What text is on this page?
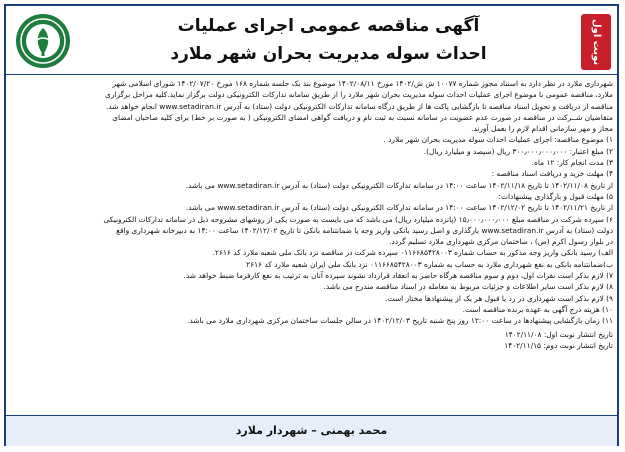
آگهی مناقصه عمومی اجرای عملیات
احداث سوله مدیریت بحران شهر ملارد	نوبت اول

شهرداری ملارد در نظر دارد به استناد مجوز شماره ۱۰۰۷۷ ش ش/۱۴۰۲ مورخ ۱۴۰۲/۰۸/۱۱ موضوع بند یک جلسه شماره ۱۶۸ مورخ ۱۴۰۲/۰۷/۲۰ شورای اسلامی شهر

ملارد، مناقصه عمومی با موضوع اجرای عملیات احداث سوله مدیریت بحران شهر ملارد را از طریق سامانه تدارکات الکترونیکی دولت برگزار نماید.کلیه مراحل برگزاری

مناقصه از دریافت و تحویل اسناد مناقصه تا بازگشایی پاکت ها از طریق درگاه سامانه تدارکات الکترونیکی دولت (ستاد) به آدرس www.setadiran.ir انجام خواهد شد.

متقاضیان شــرکت در مناقصه در صورت عدم عضویت در سامانه نسبت به ثبت نام و دریافت گواهی امضای الکترونیکی ( به صورت بر خط) برای کلیه صاحبان امضای

مجاز و مهر سازمانی اقدام لازم را بعمل آورند.

۱) موضوع مناقصه: اجرای عملیات احداث سوله مدیریت بحران شهر ملارد .

۲) مبلغ اعتبار: ۳۰۰٫۰۰۰٫۰۰۰٫۰۰۰ ریال (سیصد و میلیارد ریال).

۳) مدت انجام کار: ۱۲ ماه.

۴) مهلت خرید و دریافت اسناد مناقصه :

از تاریخ ۱۴۰۲/۱۱/۰۸ تا تاریخ ۱۴۰۲/۱۱/۱۸ ساعت ۱۴:۰۰ در سامانه تدارکات الکترونیکی دولت (ستاد) به آدرس www.setadiran.ir می باشد.

۵) مهلت قبول و بارگذاری پیشنهادات:

از تاریخ ۱۴۰۲/۱۱/۲۱ تا تاریخ ۱۴۰۲/۱۲/۰۲ ساعت ۱۴:۰۰ در سامانه تدارکات الکترونیکی دولت (ستاد) به آدرس www.setadiran.ir می باشد.

۶) سپرده شرکت در مناقصه مبلغ ۱۵٫۰۰۰٫۰۰۰٫۰۰۰ (پانزده میلیارد ریال) می باشد که می بایست به صورت یکی از روشهای مشروحه ذیل در سامانه تدارکات الکترونیکی

دولت (ستاد) به آدرس www.setadiran.ir بارگذاری و اصل رسید بانکی واریز وجه یا ضمانتنامه بانکی تا تاریخ ۱۴۰۲/۱۲/۰۲ ساعت ۱۴:۰۰ به دبیرخانه شهرداری واقع

در بلوار رسول اکرم (ص) ، ساختمان مرکزی شهرداری ملارد تسلیم گردد.

الف) رسید بانکی واریز وجه مذکور به حساب شماره ۰۱۱۶۶۸۵۴۲۸۰۰۳ سپرده شرکت در مناقصه نزد بانک ملی شعبه ملارد کد ۲۶۱۶.

ب)ضمانتنامه بانکی به نفع شهرداری ملارد به حساب به شماره ۰۱۱۶۶۸۵۴۲۸۰۰۳ نزد بانک ملی ایران شعبه ملارد کد ۲۶۱۶

۷) لازم بذکر است نفرات اول، دوم و سوم مناقصه هرگاه حاضر به انعقاد قرارداد نشوند سپرده آنان به ترتیب به نفع کارفرما ضبط خواهد شد.

۸) لازم بذکر است سایر اطلاعات و جزئیات مربوط به معامله در اسناد مناقصه مندرج می باشد.

۹) لازم بذکر است شهرداری در رد یا قبول هر یک از پیشنهادها مختار است.

۱۰) هزینه درج آگهی به عهده برنده مناقصه است.

۱۱) زمان بازگشایی پیشنهادها در ساعت ۱۲:۰۰ روز پنج شنبه تاریخ ۱۴۰۲/۱۲/۰۳ در سالن جلسات ساختمان مرکزی شهرداری ملارد می باشد.

تاریخ انتشار نوبت اول: ۱۴۰۲/۱۱/۰۸

تاریخ انتشار نوبت دوم: ۱۴۰۲/۱۱/۱۵

محمد بهمنی – شهردار ملارد
